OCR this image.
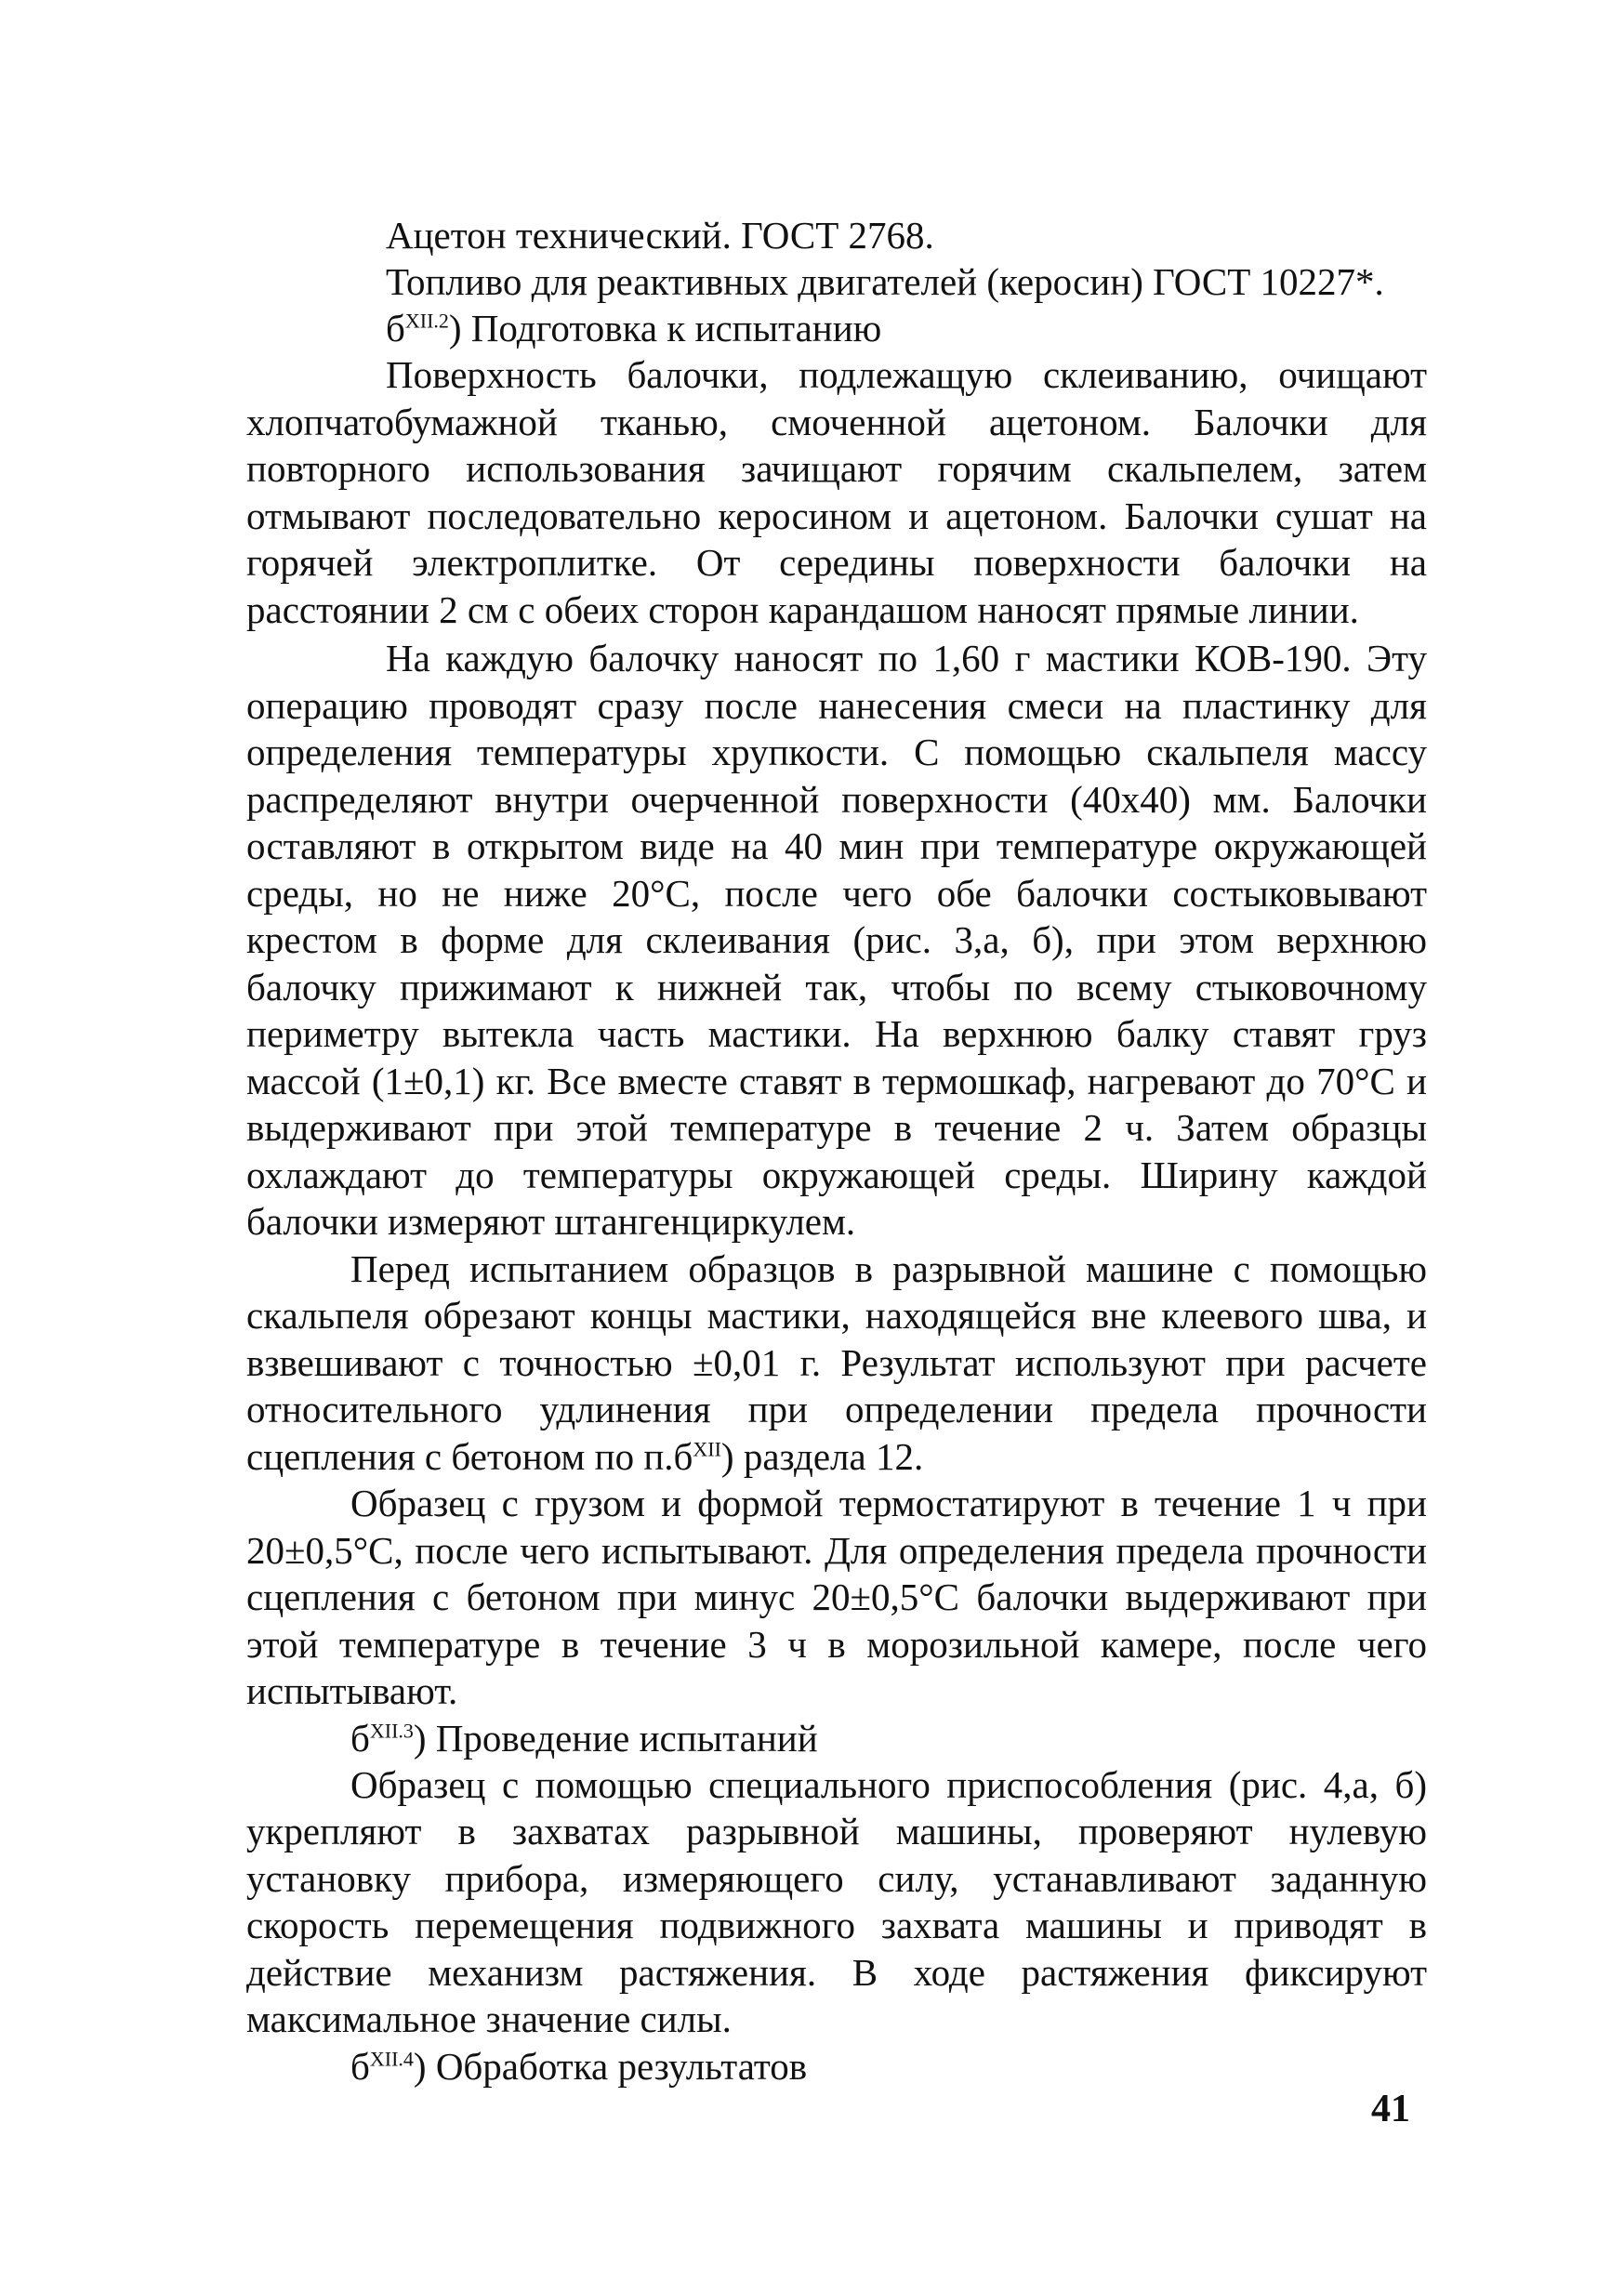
Ацетон технический. ГОСТ 2768.
Топливо для реактивных двигателей (керосин) ГОСТ 10227*.
$б^{XII.2}$) Подготовка к испытанию
Поверхность балочки, подлежащую склеиванию, очищают хлопчатобумажной тканью, смоченной ацетоном. Балочки для повторного использования зачищают горячим скальпелем, затем отмывают последовательно керосином и ацетоном. Балочки сушат на горячей электроплитке. От середины поверхности балочки на расстоянии 2 см с обеих сторон карандашом наносят прямые линии.
На каждую балочку наносят по 1,60 г мастики КОВ-190. Эту операцию проводят сразу после нанесения смеси на пластинку для определения температуры хрупкости. С помощью скальпеля массу распределяют внутри очерченной поверхности (40х40) мм. Балочки оставляют в открытом виде на 40 мин при температуре окружающей среды, но не ниже 20°С, после чего обе балочки состыковывают крестом в форме для склеивания (рис. 3,а, б), при этом верхнюю балочку прижимают к нижней так, чтобы по всему стыковочному периметру вытекла часть мастики. На верхнюю балку ставят груз массой (1±0,1) кг. Все вместе ставят в термошкаф, нагревают до 70°С и выдерживают при этой температуре в течение 2 ч. Затем образцы охлаждают до температуры окружающей среды. Ширину каждой балочки измеряют штангенциркулем.
Перед испытанием образцов в разрывной машине с помощью скальпеля обрезают концы мастики, находящейся вне клеевого шва, и взвешивают с точностью ±0,01 г. Результат используют при расчете относительного удлинения при определении предела прочности сцепления с бетоном по $п.б^{XII}$) раздела 12.
Образец с грузом и формой термостатируют в течение 1 ч при 20±0,5°С, после чего испытывают. Для определения предела прочности сцепления с бетоном при минус 20±0,5°С балочки выдерживают при этой температуре в течение 3 ч в морозильной камере, после чего испытывают.
$б^{XII.3}$) Проведение испытаний
Образец с помощью специального приспособления (рис. 4,а, б) укрепляют в захватах разрывной машины, проверяют нулевую установку прибора, измеряющего силу, устанавливают заданную скорость перемещения подвижного захвата машины и приводят в действие механизм растяжения. В ходе растяжения фиксируют максимальное значение силы.
$б^{XII.4}$) Обработка результатов
41
